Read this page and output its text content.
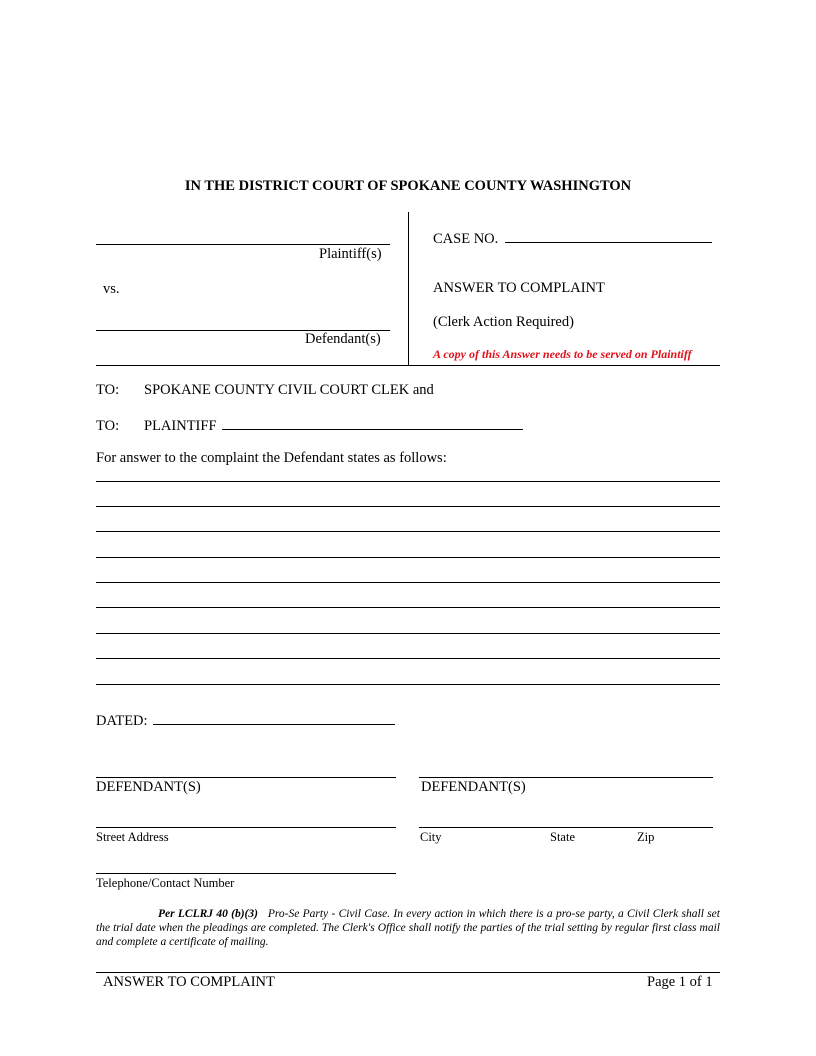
IN THE DISTRICT COURT OF SPOKANE COUNTY WASHINGTON
Plaintiff(s)
vs.
Defendant(s)
CASE NO.
ANSWER TO COMPLAINT
(Clerk Action Required)
A copy of this Answer needs to be served on Plaintiff
TO: SPOKANE COUNTY CIVIL COURT CLEK and
TO: PLAINTIFF
For answer to the complaint the Defendant states as follows:
DATED:
DEFENDANT(S)	DEFENDANT(S)
Street Address	City	State	Zip
Telephone/Contact Number
Per LCLRJ 40 (b)(3) Pro-Se Party - Civil Case. In every action in which there is a pro-se party, a Civil Clerk shall set the trial date when the pleadings are completed. The Clerk's Office shall notify the parties of the trial setting by regular first class mail and complete a certificate of mailing.
ANSWER TO COMPLAINT	Page 1 of 1
